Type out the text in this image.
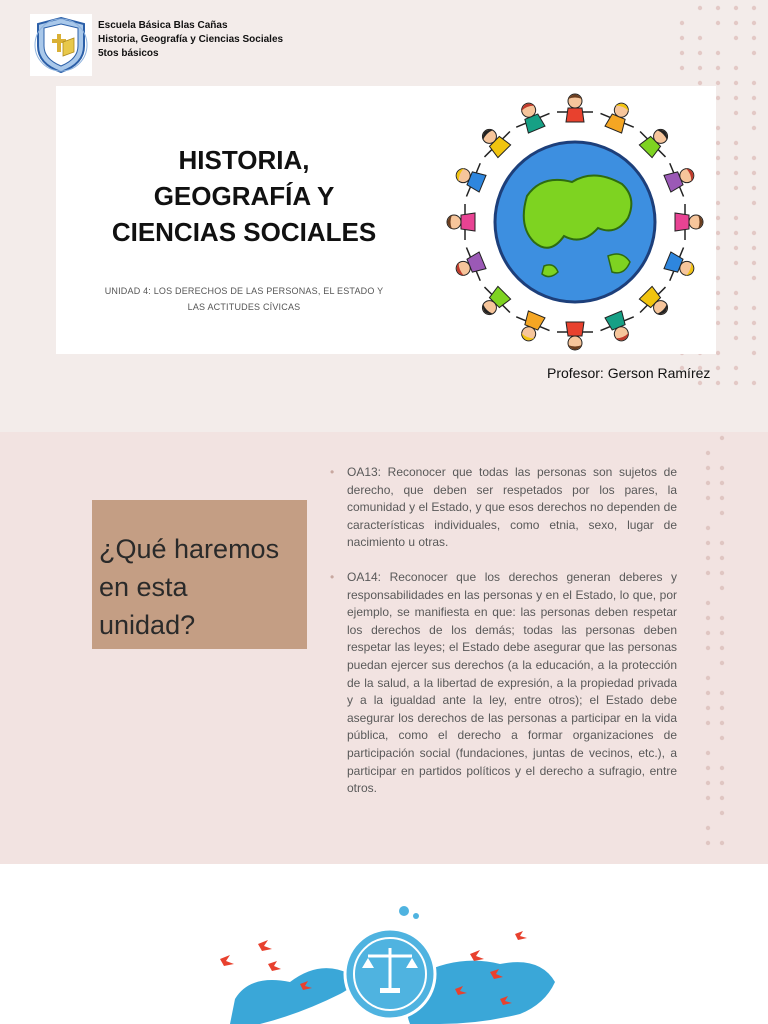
Escuela Básica Blas Cañas
Historia, Geografía y Ciencias Sociales
5tos básicos
HISTORIA,
GEOGRAFÍA Y
CIENCIAS SOCIALES
UNIDAD 4: LOS DERECHOS DE LAS PERSONAS, EL ESTADO Y
LAS ACTITUDES CÍVICAS
Profesor: Gerson Ramírez
¿Qué haremos
en esta
unidad?
• OA13: Reconocer que todas las personas son sujetos de derecho, que deben ser respetados por los pares, la comunidad y el Estado, y que esos derechos no dependen de características individuales, como etnia, sexo, lugar de nacimiento u otras.
• OA14: Reconocer que los derechos generan deberes y responsabilidades en las personas y en el Estado, lo que, por ejemplo, se manifiesta en que: las personas deben respetar los derechos de los demás; todas las personas deben respetar las leyes; el Estado debe asegurar que las personas puedan ejercer sus derechos (a la educación, a la protección de la salud, a la libertad de expresión, a la propiedad privada y a la igualdad ante la ley, entre otros); el Estado debe asegurar los derechos de las personas a participar en la vida pública, como el derecho a formar organizaciones de participación social (fundaciones, juntas de vecinos, etc.), a participar en partidos políticos y el derecho a sufragio, entre otros.
